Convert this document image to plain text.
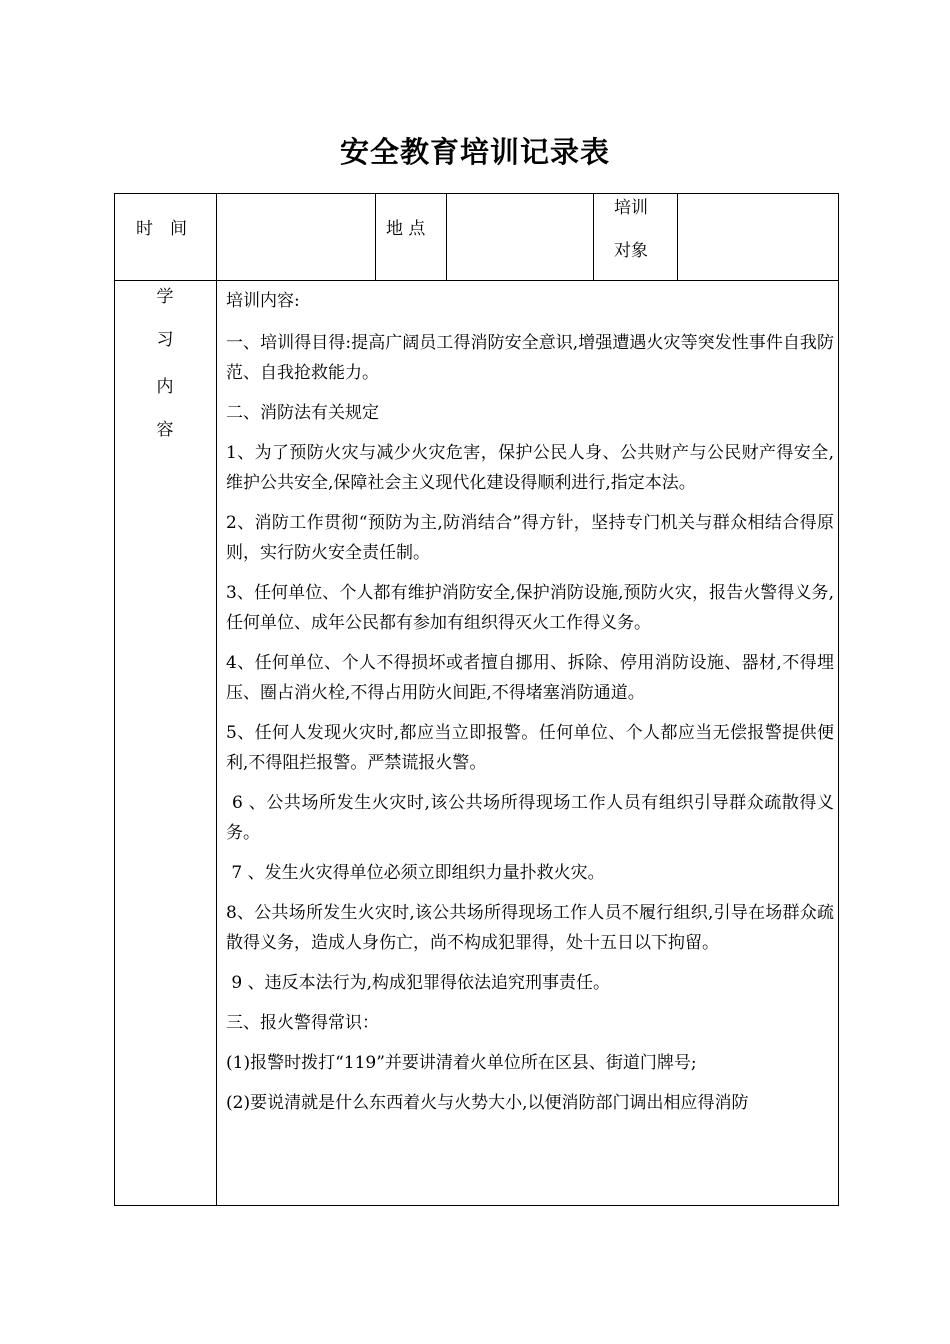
安全教育培训记录表
时　间	地 点
培训
对象
学
习
内
容

培训内容:

一、培训得目得:提高广阔员工得消防安全意识,增强遭遇火灾等突发性事件自我防范、自我抢救能力。

二、消防法有关规定

1、为了预防火灾与减少火灾危害，保护公民人身、公共财产与公民财产得安全,维护公共安全,保障社会主义现代化建设得顺利进行,指定本法。

2、消防工作贯彻“预防为主,防消结合”得方针，坚持专门机关与群众相结合得原则，实行防火安全责任制。

3、任何单位、个人都有维护消防安全,保护消防设施,预防火灾，报告火警得义务,任何单位、成年公民都有参加有组织得灭火工作得义务。

4、任何单位、个人不得损坏或者擅自挪用、拆除、停用消防设施、器材,不得埋压、圈占消火栓,不得占用防火间距,不得堵塞消防通道。

5、任何人发现火灾时,都应当立即报警。任何单位、个人都应当无偿报警提供便利,不得阻拦报警。严禁谎报火警。

6 、公共场所发生火灾时,该公共场所得现场工作人员有组织引导群众疏散得义务。

7 、发生火灾得单位必须立即组织力量扑救火灾。

8、公共场所发生火灾时,该公共场所得现场工作人员不履行组织,引导在场群众疏散得义务，造成人身伤亡，尚不构成犯罪得，处十五日以下拘留。

9 、违反本法行为,构成犯罪得依法追究刑事责任。

三、报火警得常识：

(1)报警时拨打“119”并要讲清着火单位所在区县、街道门牌号;

(2)要说清就是什么东西着火与火势大小,以便消防部门调出相应得消防
